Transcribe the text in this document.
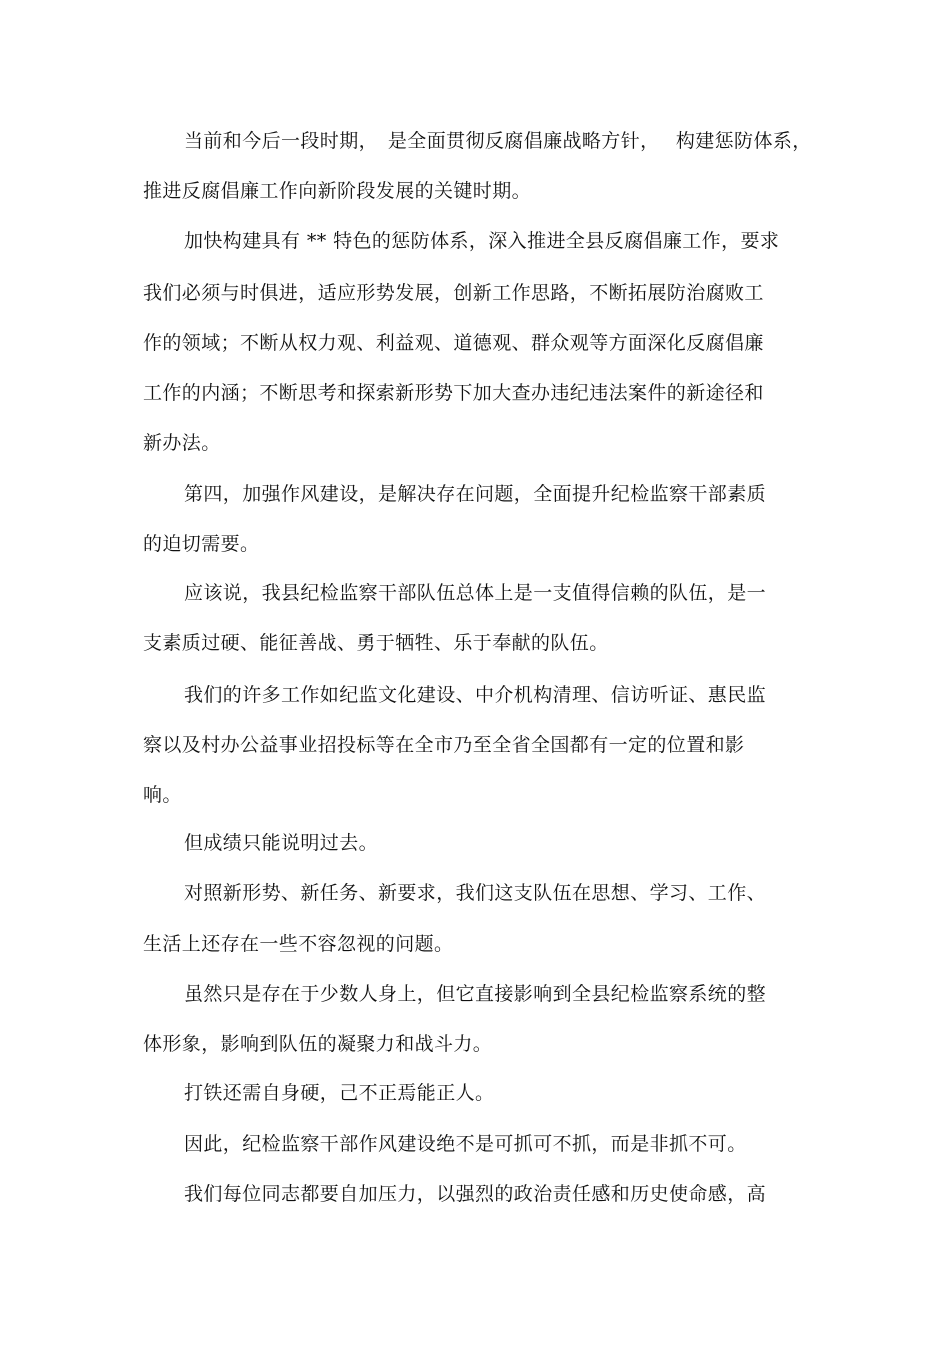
当前和今后一段时期，　是全面贯彻反腐倡廉战略方针，　 构建惩防体系，
推进反腐倡廉工作向新阶段发展的关键时期。
加快构建具有 ** 特色的惩防体系，深入推进全县反腐倡廉工作，要求
我们必须与时俱进，适应形势发展，创新工作思路，不断拓展防治腐败工
作的领域；不断从权力观、利益观、道德观、群众观等方面深化反腐倡廉
工作的内涵；不断思考和探索新形势下加大查办违纪违法案件的新途径和
新办法。
第四，加强作风建设，是解决存在问题，全面提升纪检监察干部素质
的迫切需要。
应该说，我县纪检监察干部队伍总体上是一支值得信赖的队伍，是一
支素质过硬、能征善战、勇于牺牲、乐于奉献的队伍。
我们的许多工作如纪监文化建设、中介机构清理、信访听证、惠民监
察以及村办公益事业招投标等在全市乃至全省全国都有一定的位置和影
响。
但成绩只能说明过去。
对照新形势、新任务、新要求，我们这支队伍在思想、学习、工作、
生活上还存在一些不容忽视的问题。
虽然只是存在于少数人身上，但它直接影响到全县纪检监察系统的整
体形象，影响到队伍的凝聚力和战斗力。
打铁还需自身硬，己不正焉能正人。
因此，纪检监察干部作风建设绝不是可抓可不抓，而是非抓不可。
我们每位同志都要自加压力，以强烈的政治责任感和历史使命感，高
